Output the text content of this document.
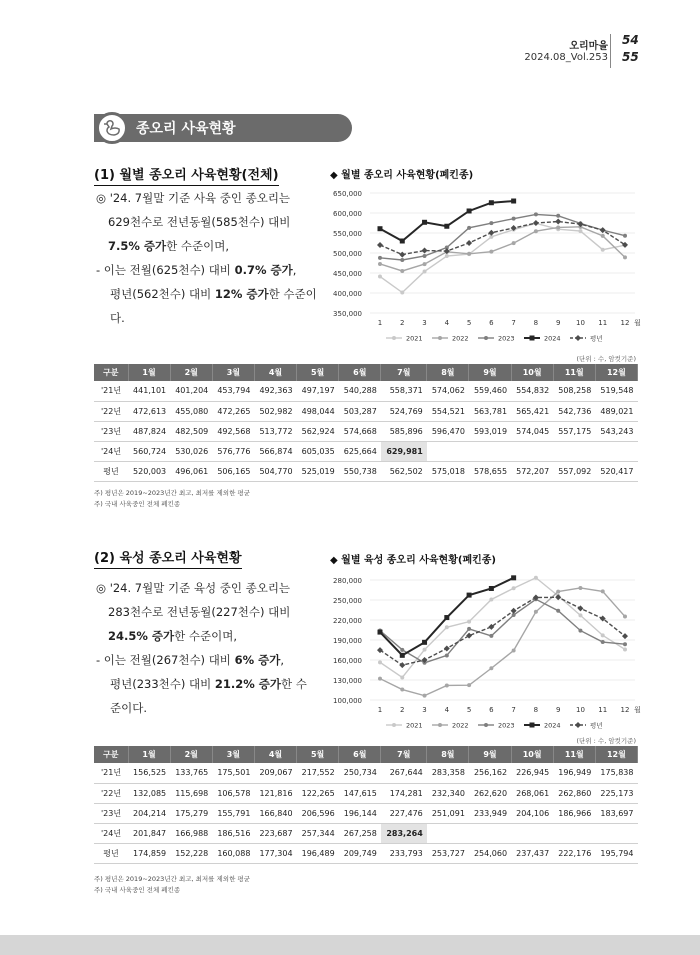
오리마을
2024.08_Vol.253
54
55
종오리 사육현황
(1) 월별 종오리 사육현황(전체)	◆ 월별 종오리 사육현황(폐킨종)
◎ '24. 7월말 기준 사육 중인 종오리는
629천수로 전년동월(585천수) 대비
7.5% 증가한 수준이며,
- 이는 전월(625천수) 대비 0.7% 증가,
평년(562천수) 대비 12% 증가한 수준이다.	350,000
400,000
450,000
500,000
550,000
600,000
650,000
1	2	3	4	5	6	7	8	9 10 11 12 월
2021	2022	2023	2024	평년
(단위 : 수, 암컷기준)
구분	1월	2월	3월	4월	5월	6월	7월	8월	9월	10월	11월	12월
'21년	441,101	401,204	453,794	492,363	497,197	540,288	558,371	574,062	559,460	554,832	508,258	519,548
'22년	472,613	455,080	472,265	502,982	498,044	503,287	524,769	554,521	563,781	565,421	542,736	489,021
'23년	487,824	482,509	492,568	513,772	562,924	574,668	585,896	596,470	593,019	574,045	557,175	543,243
'24년	560,724	530,026	576,776	566,874	605,035	625,664	629,981					
평년	520,003	496,061	506,165	504,770	525,019	550,738	562,502	575,018	578,655	572,207	557,092	520,417
주) 평년은 2019~2023년간 최고, 최저를 제외한 평균
주) 국내 사육중인 전체 폐킨종
(2) 육성 종오리 사육현황	◆ 월별 육성 종오리 사육현황(폐킨종)
◎ '24. 7월말 기준 육성 중인 종오리는
283천수로 전년동월(227천수) 대비
24.5% 증가한 수준이며,
- 이는 전월(267천수) 대비 6% 증가,
평년(233천수) 대비 21.2% 증가한 수
준이다.	100,000
130,000
160,000
190,000
220,000
250,000
280,000
1	2	3	4	5	6	7	8	9 10 11 12 월
2021	2022	2023	2024	평년
(단위 : 수, 암컷기준)
구분	1월	2월	3월	4월	5월	6월	7월	8월	9월	10월	11월	12월
'21년	156,525	133,765	175,501	209,067	217,552	250,734	267,644	283,358	256,162	226,945	196,949	175,838
'22년	132,085	115,698	106,578	121,816	122,265	147,615	174,281	232,340	262,620	268,061	262,860	225,173
'23년	204,214	175,279	155,791	166,840	206,596	196,144	227,476	251,091	233,949	204,106	186,966	183,697
'24년	201,847	166,988	186,516	223,687	257,344	267,258	283,264					
평년	174,859	152,228	160,088	177,304	196,489	209,749	233,793	253,727	254,060	237,437	222,176	195,794
주) 평년은 2019~2023년간 최고, 최저를 제외한 평균
주) 국내 사육중인 전체 폐킨종
